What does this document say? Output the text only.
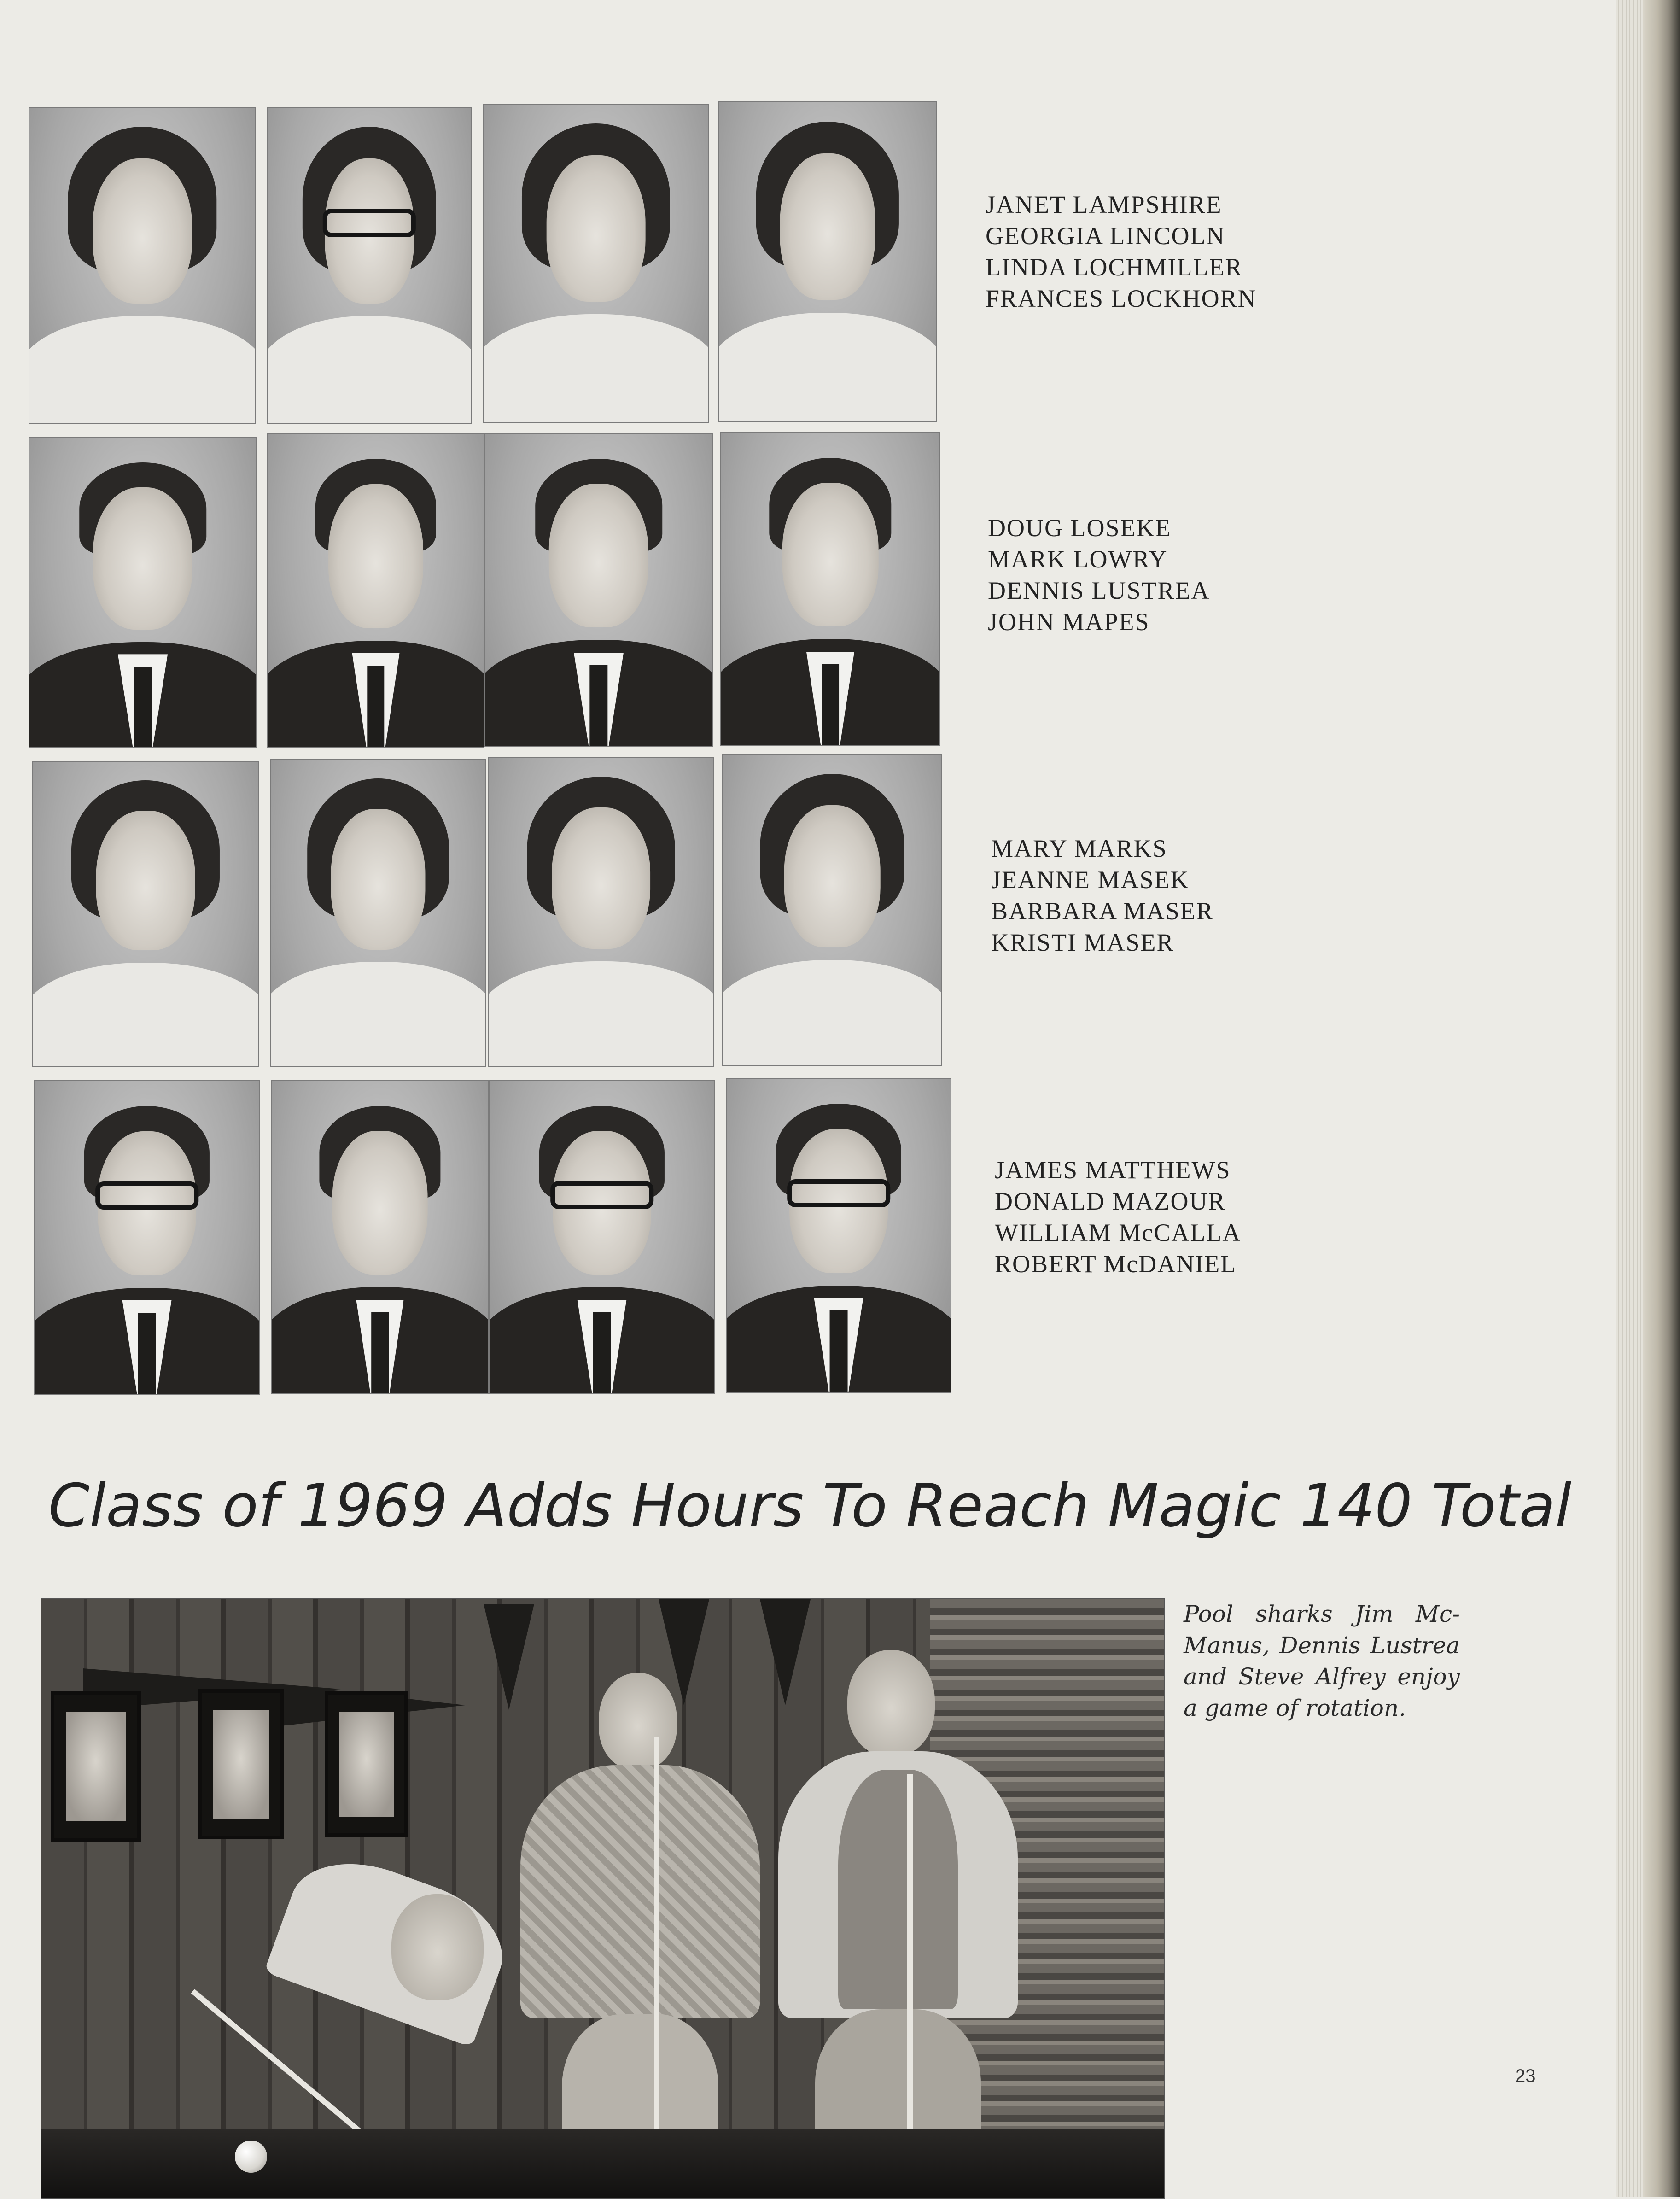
JANET LAMPSHIRE
GEORGIA LINCOLN
LINDA LOCHMILLER
FRANCES LOCKHORN
DOUG LOSEKE
MARK LOWRY
DENNIS LUSTREA
JOHN MAPES
MARY MARKS
JEANNE MASEK
BARBARA MASER
KRISTI MASER
JAMES MATTHEWS
DONALD MAZOUR
WILLIAM McCALLA
ROBERT McDANIEL
Class of 1969 Adds Hours To Reach Magic 140 Total
Pool sharks Jim Mc-Manus, Dennis Lustrea and Steve Alfrey enjoy a game of rotation.
23
